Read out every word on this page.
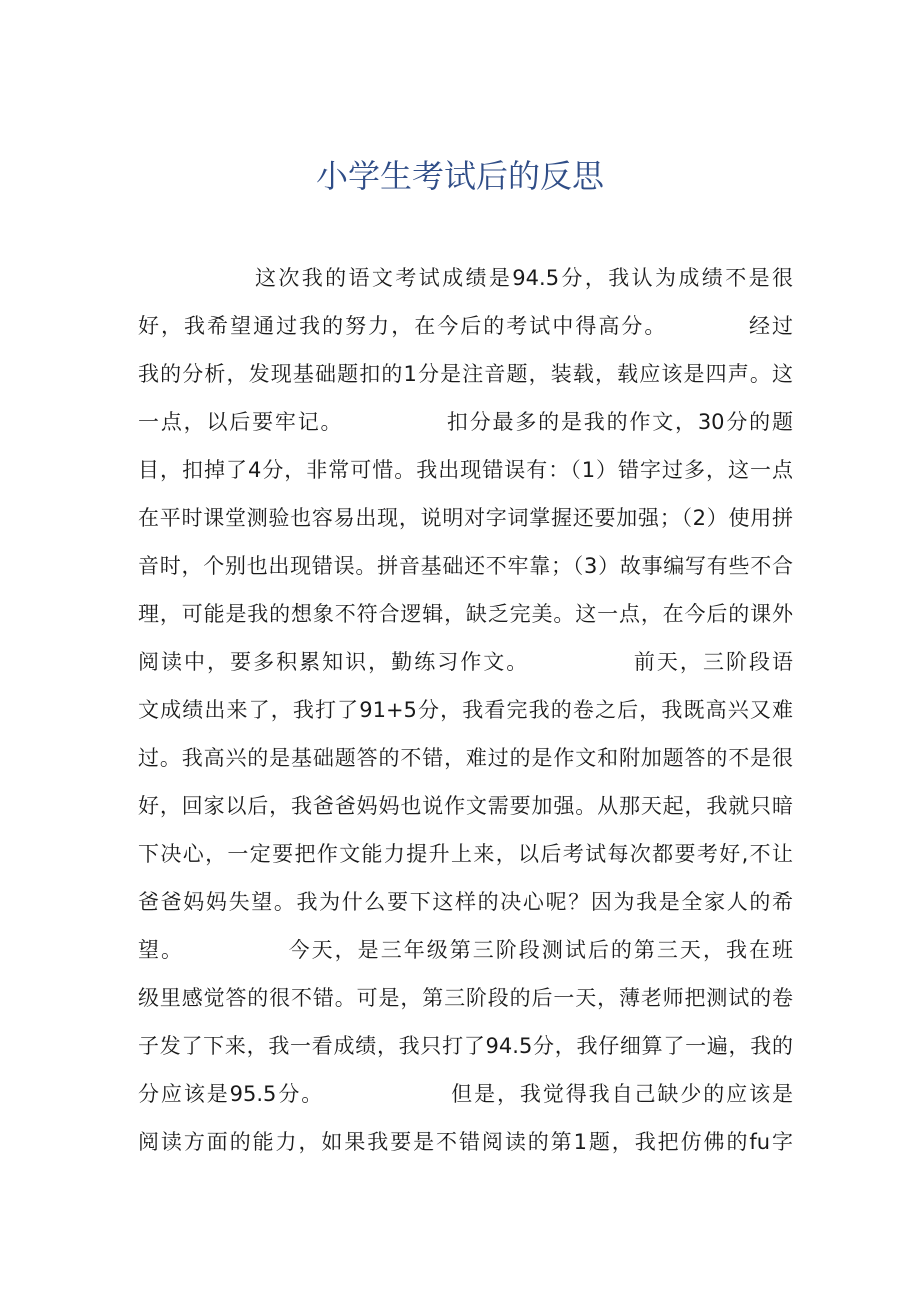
小学生考试后的反思
　　　　　这次我的语文考试成绩是94.5分，我认为成绩不是很
好，我希望通过我的努力，在今后的考试中得高分。　　　　经过
我的分析，发现基础题扣的1分是注音题，装载，载应该是四声。这
一点，以后要牢记。　　　　　扣分最多的是我的作文，30分的题
目，扣掉了4分，非常可惜。我出现错误有：（1）错字过多，这一点
在平时课堂测验也容易出现，说明对字词掌握还要加强；（2）使用拼
音时，个别也出现错误。拼音基础还不牢靠；（3）故事编写有些不合
理，可能是我的想象不符合逻辑，缺乏完美。这一点，在今后的课外
阅读中，要多积累知识，勤练习作文。　　　　　前天，三阶段语
文成绩出来了，我打了91+5分，我看完我的卷之后，我既高兴又难
过。我高兴的是基础题答的不错，难过的是作文和附加题答的不是很
好，回家以后，我爸爸妈妈也说作文需要加强。从那天起，我就只暗
下决心，一定要把作文能力提升上来，以后考试每次都要考好,不让
爸爸妈妈失望。我为什么要下这样的决心呢？因为我是全家人的希
望。　　　　　今天，是三年级第三阶段测试后的第三天，我在班
级里感觉答的很不错。可是，第三阶段的后一天，薄老师把测试的卷
子发了下来，我一看成绩，我只打了94.5分，我仔细算了一遍，我的
分应该是95.5分。　　　　　　但是，我觉得我自己缺少的应该是
阅读方面的能力，如果我要是不错阅读的第1题，我把仿佛的fu字
